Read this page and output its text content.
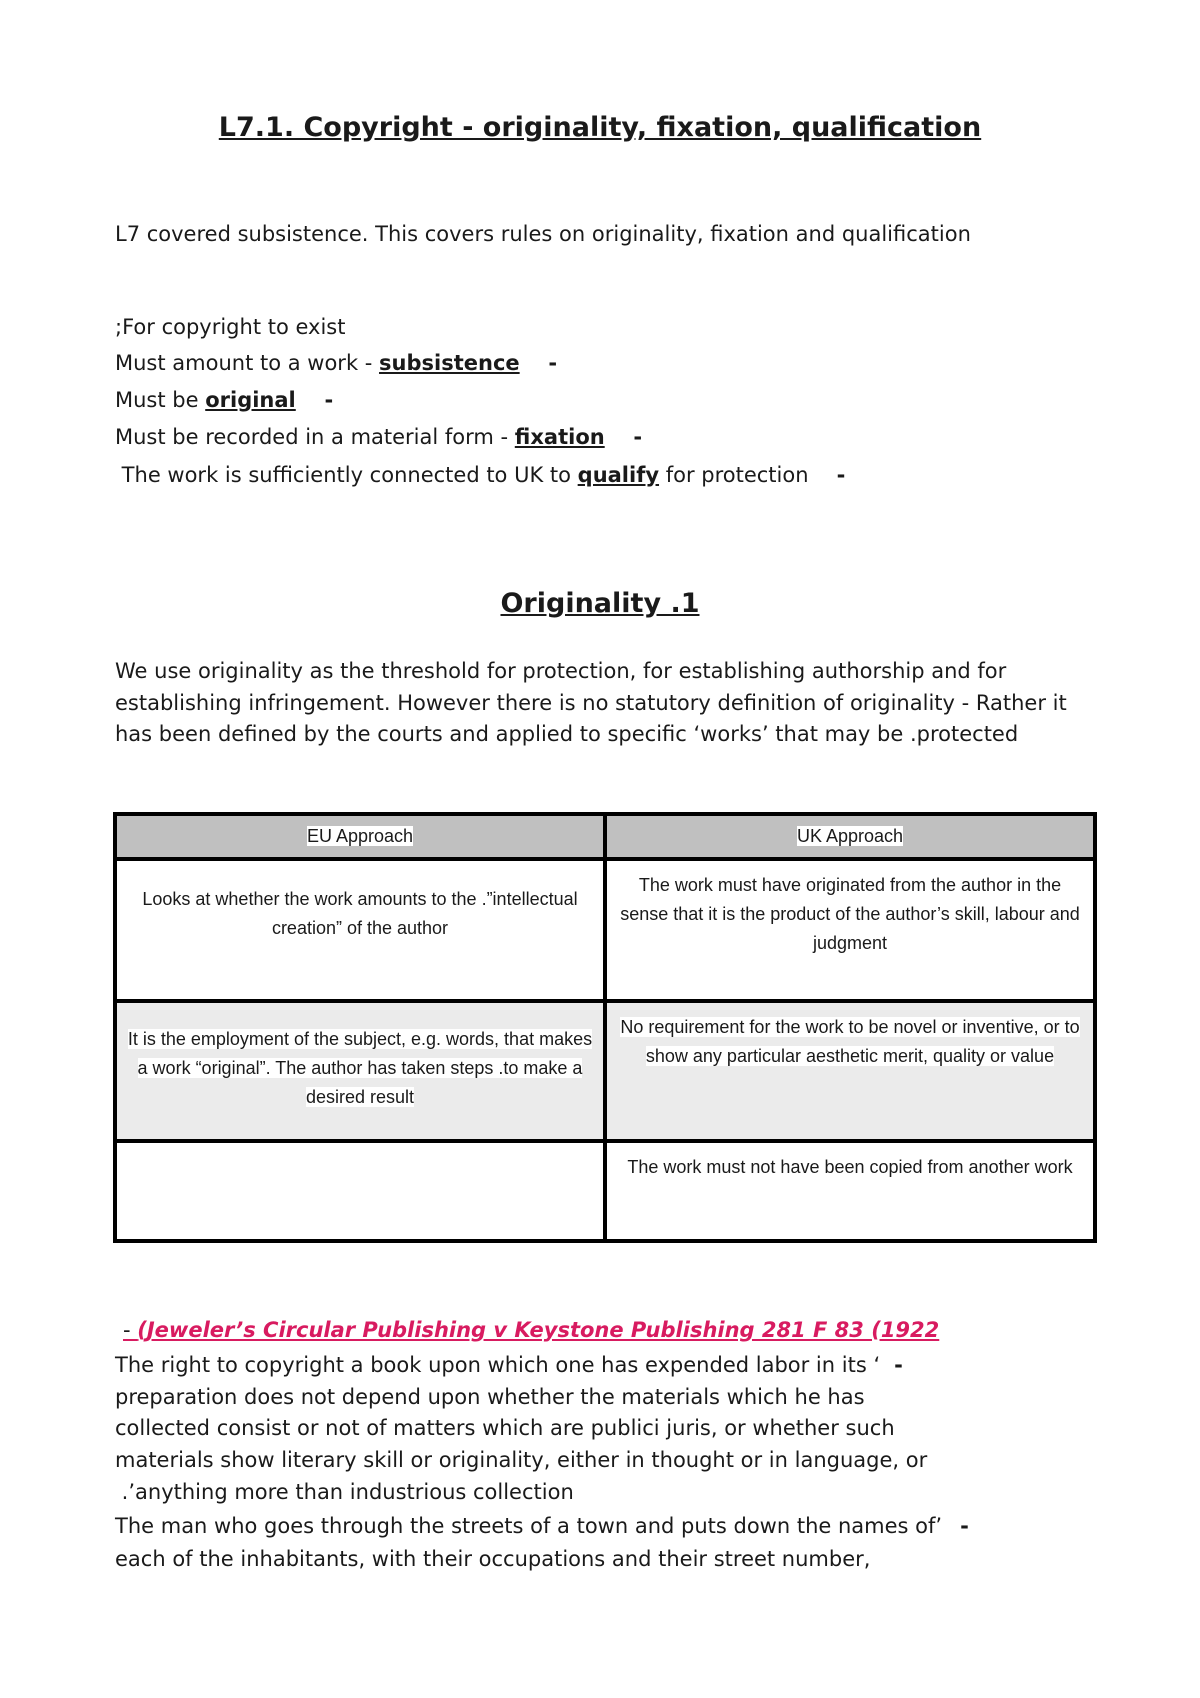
L7.1. Copyright - originality, fixation, qualification
L7 covered subsistence. This covers rules on originality, fixation and qualification
;For copyright to exist
Must amount to a work - subsistence -
Must be original -
Must be recorded in a material form - fixation -
The work is sufficiently connected to UK to qualify for protection -
Originality .1
We use originality as the threshold for protection, for establishing authorship and for establishing infringement. However there is no statutory definition of originality - Rather it has been defined by the courts and applied to specific ‘works’ that may be .protected
EU Approach	UK Approach
Looks at whether the work amounts to the .”intellectual creation” of the author	The work must have originated from the author in the sense that it is the product of the author’s skill, labour and judgment
It is the employment of the subject, e.g. words, that makes a work “original”. The author has taken steps .to make a desired result	No requirement for the work to be novel or inventive, or to show any particular aesthetic merit, quality or value
	The work must not have been copied from another work
- (Jeweler’s Circular Publishing v Keystone Publishing 281 F 83 (1922
The right to copyright a book upon which one has expended labor in its ‘ -
preparation does not depend upon whether the materials which he has
collected consist or not of matters which are publici juris, or whether such
materials show literary skill or originality, either in thought or in language, or
.’anything more than industrious collection
The man who goes through the streets of a town and puts down the names of’ -
each of the inhabitants, with their occupations and their street number,
